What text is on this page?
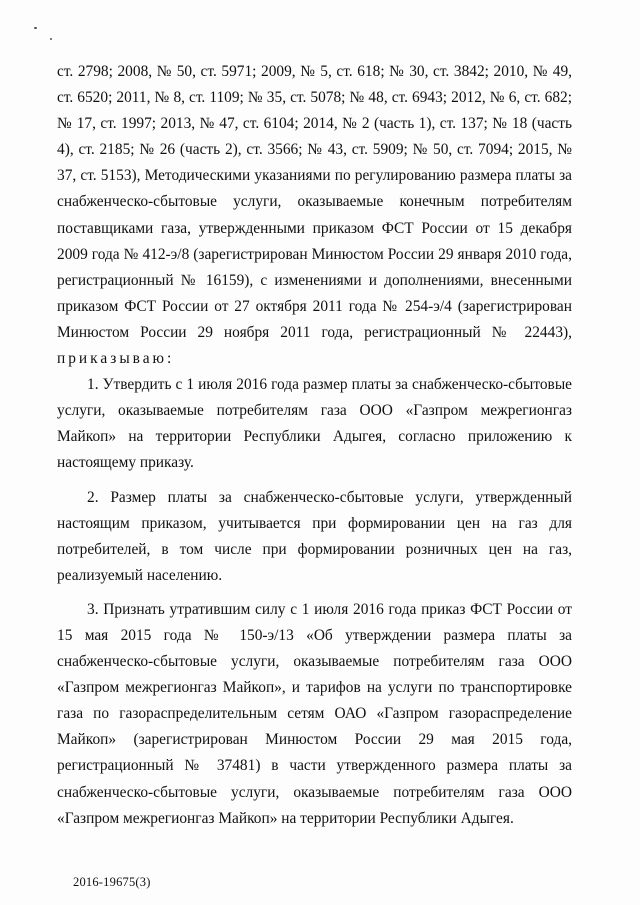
ст. 2798; 2008, № 50, ст. 5971; 2009, № 5, ст. 618; № 30, ст. 3842; 2010, № 49, ст. 6520; 2011, № 8, ст. 1109; № 35, ст. 5078; № 48, ст. 6943; 2012, № 6, ст. 682; № 17, ст. 1997; 2013, № 47, ст. 6104; 2014, № 2 (часть 1), ст. 137; № 18 (часть 4), ст. 2185; № 26 (часть 2), ст. 3566; № 43, ст. 5909; № 50, ст. 7094; 2015, № 37, ст. 5153), Методическими указаниями по регулированию размера платы за снабженческо-сбытовые услуги, оказываемые конечным потребителям поставщиками газа, утвержденными приказом ФСТ России от 15 декабря 2009 года № 412-э/8 (зарегистрирован Минюстом России 29 января 2010 года, регистрационный № 16159), с изменениями и дополнениями, внесенными приказом ФСТ России от 27 октября 2011 года № 254-э/4 (зарегистрирован Минюстом России 29 ноября 2011 года, регистрационный № 22443),

приказываю:

1. Утвердить с 1 июля 2016 года размер платы за снабженческо-сбытовые услуги, оказываемые потребителям газа ООО «Газпром межрегионгаз Майкоп» на территории Республики Адыгея, согласно приложению к настоящему приказу.

2. Размер платы за снабженческо-сбытовые услуги, утвержденный настоящим приказом, учитывается при формировании цен на газ для потребителей, в том числе при формировании розничных цен на газ, реализуемый населению.

3. Признать утратившим силу с 1 июля 2016 года приказ ФСТ России от 15 мая 2015 года № 150-э/13 «Об утверждении размера платы за снабженческо-сбытовые услуги, оказываемые потребителям газа ООО «Газпром межрегионгаз Майкоп», и тарифов на услуги по транспортировке газа по газораспределительным сетям ОАО «Газпром газораспределение Майкоп» (зарегистрирован Минюстом России 29 мая 2015 года, регистрационный № 37481) в части утвержденного размера платы за снабженческо-сбытовые услуги, оказываемые потребителям газа ООО «Газпром межрегионгаз Майкоп» на территории Республики Адыгея.

2016-19675(3)
